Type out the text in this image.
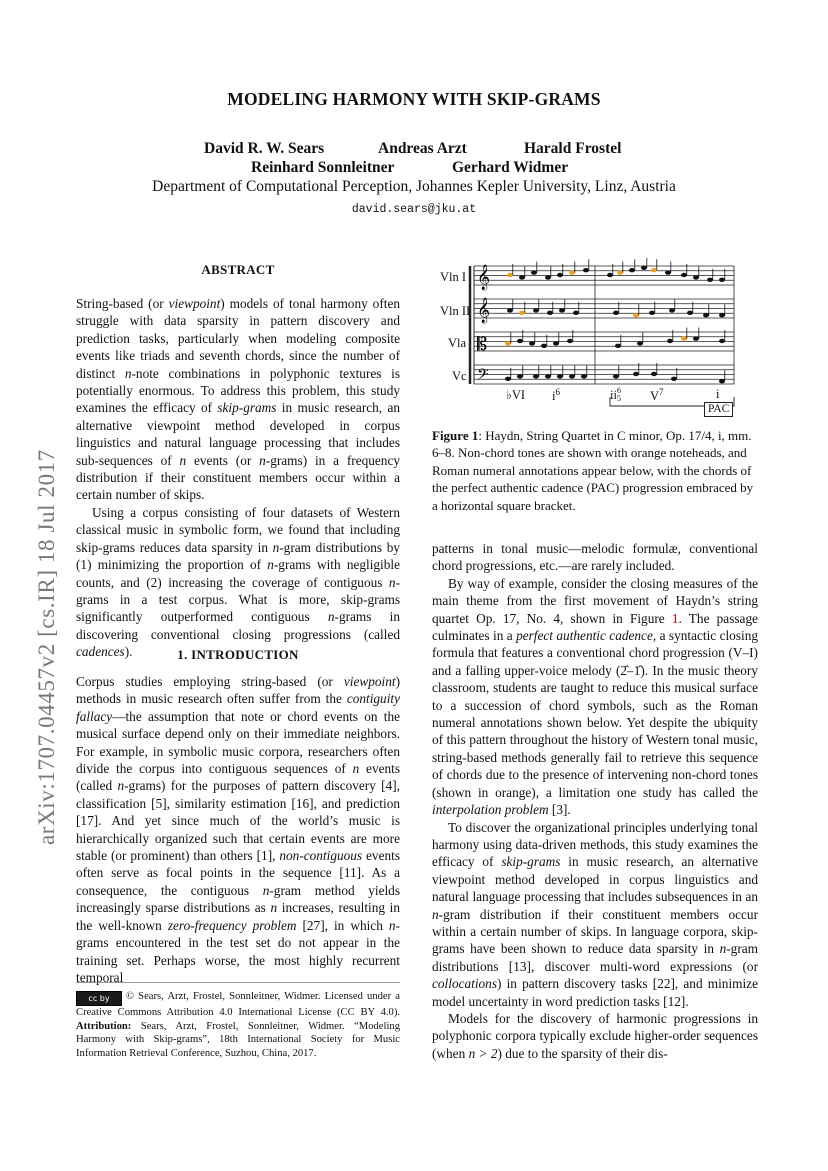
MODELING HARMONY WITH SKIP-GRAMS
David R. W. Sears	Andreas Arzt	Harald Frostel
Reinhard Sonnleitner	Gerhard Widmer
Department of Computational Perception, Johannes Kepler University, Linz, Austria
david.sears@jku.at
arXiv:1707.04457v2 [cs.IR] 18 Jul 2017
ABSTRACT

String-based (or viewpoint) models of tonal harmony often struggle with data sparsity in pattern discovery and prediction tasks, particularly when modeling composite events like triads and seventh chords, since the number of distinct n-note combinations in polyphonic textures is potentially enormous. To address this problem, this study examines the efficacy of skip-grams in music research, an alternative viewpoint method developed in corpus linguistics and natural language processing that includes sub-sequences of n events (or n-grams) in a frequency distribution if their constituent members occur within a certain number of skips.

Using a corpus consisting of four datasets of Western classical music in symbolic form, we found that including skip-grams reduces data sparsity in n-gram distributions by (1) minimizing the proportion of n-grams with negligible counts, and (2) increasing the coverage of contiguous n-grams in a test corpus. What is more, skip-grams significantly outperformed contiguous n-grams in discovering conventional closing progressions (called cadences).	1. INTRODUCTION

Corpus studies employing string-based (or viewpoint) methods in music research often suffer from the contiguity fallacy—the assumption that note or chord events on the musical surface depend only on their immediate neighbors. For example, in symbolic music corpora, researchers often divide the corpus into contiguous sequences of n events (called n-grams) for the purposes of pattern discovery [4], classification [5], similarity estimation [16], and prediction [17]. And yet since much of the world’s music is hierarchically organized such that certain events are more stable (or prominent) than others [1], non-contiguous events often serve as focal points in the sequence [11]. As a consequence, the contiguous n-gram method yields increasingly sparse distributions as n increases, resulting in the well-known zero-frequency problem [27], in which n-grams encountered in the test set do not appear in the training set. Perhaps worse, the most highly recurrent temporal

cc by © Sears, Arzt, Frostel, Sonnleitner, Widmer. Licensed under a Creative Commons Attribution 4.0 International License (CC BY 4.0). Attribution: Sears, Arzt, Frostel, Sonnleitner, Widmer. “Modeling Harmony with Skip-grams”, 18th International Society for Music Information Retrieval Conference, Suzhou, China, 2017.
Vln I
Vln II
Vla
Vc
𝄞
𝄞
𝄡
𝄢
♭VI $i^6$	ii 6
5 $V^7$	i
PAC
Figure 1: Haydn, String Quartet in C minor, Op. 17/4, i, mm. 6–8. Non-chord tones are shown with orange noteheads, and Roman numeral annotations appear below, with the chords of the perfect authentic cadence (PAC) progression embraced by a horizontal square bracket.

patterns in tonal music—melodic formulæ, conventional chord progressions, etc.—are rarely included.

By way of example, consider the closing measures of the main theme from the first movement of Haydn’s string quartet Op. 17, No. 4, shown in Figure 1. The passage culminates in a perfect authentic cadence, a syntactic closing formula that features a conventional chord progression (V–I) and a falling upper-voice melody (2̂–1̂). In the music theory classroom, students are taught to reduce this musical surface to a succession of chord symbols, such as the Roman numeral annotations shown below. Yet despite the ubiquity of this pattern throughout the history of Western tonal music, string-based methods generally fail to retrieve this sequence of chords due to the presence of intervening non-chord tones (shown in orange), a limitation one study has called the interpolation problem [3].

To discover the organizational principles underlying tonal harmony using data-driven methods, this study examines the efficacy of skip-grams in music research, an alternative viewpoint method developed in corpus linguistics and natural language processing that includes subsequences in an n-gram distribution if their constituent members occur within a certain number of skips. In language corpora, skip-grams have been shown to reduce data sparsity in n-gram distributions [13], discover multi-word expressions (or collocations) in pattern discovery tasks [22], and minimize model uncertainty in word prediction tasks [12].

Models for the discovery of harmonic progressions in polyphonic corpora typically exclude higher-order sequences (when n > 2) due to the sparsity of their dis-
